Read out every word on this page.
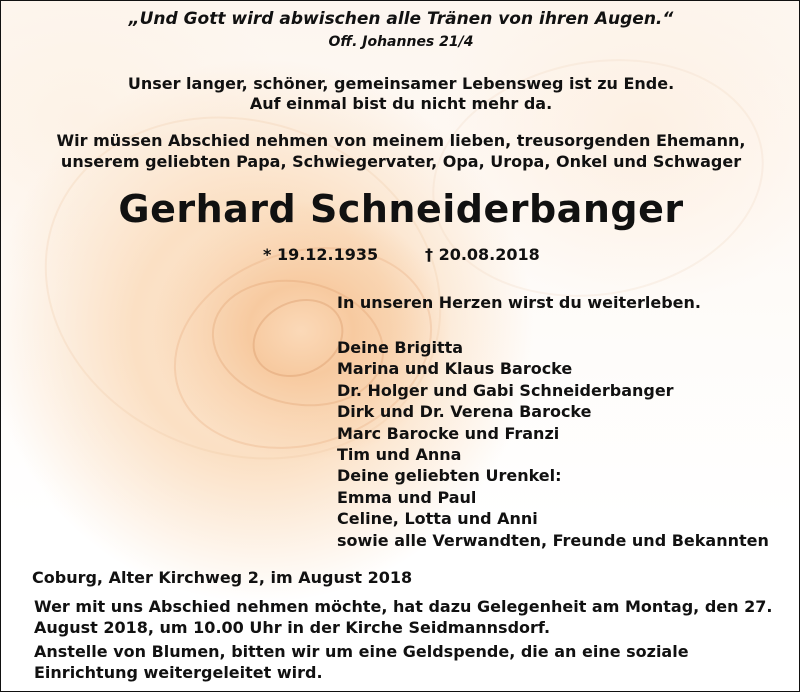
„Und Gott wird abwischen alle Tränen von ihren Augen.“
Off. Johannes 21/4
Unser langer, schöner, gemeinsamer Lebensweg ist zu Ende.
Auf einmal bist du nicht mehr da.
Wir müssen Abschied nehmen von meinem lieben, treusorgenden Ehemann,
unserem geliebten Papa, Schwiegervater, Opa, Uropa, Onkel und Schwager
Gerhard Schneiderbanger
* 19.12.1935	† 20.08.2018
In unseren Herzen wirst du weiterleben.
Deine Brigitta
Marina und Klaus Barocke
Dr. Holger und Gabi Schneiderbanger
Dirk und Dr. Verena Barocke
Marc Barocke und Franzi
Tim und Anna
Deine geliebten Urenkel:
Emma und Paul
Celine, Lotta und Anni
sowie alle Verwandten, Freunde und Bekannten
Coburg, Alter Kirchweg 2, im August 2018
Wer mit uns Abschied nehmen möchte, hat dazu Gelegenheit am Montag, den 27. August 2018, um 10.00 Uhr in der Kirche Seidmannsdorf.
Anstelle von Blumen, bitten wir um eine Geldspende, die an eine soziale Einrichtung weitergeleitet wird.
